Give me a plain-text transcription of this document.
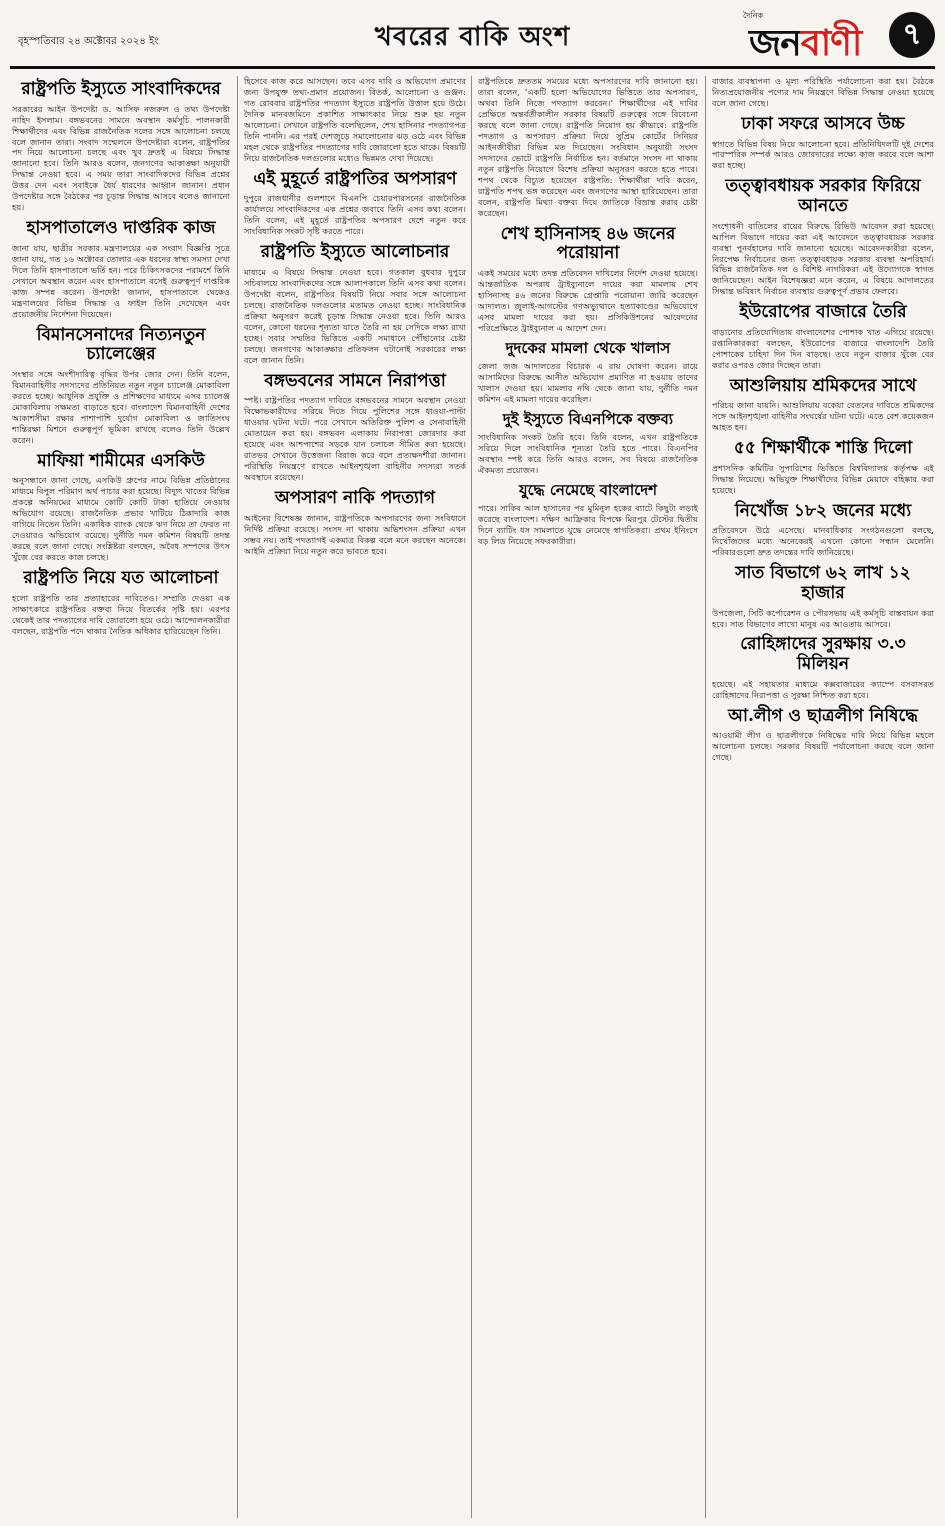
বৃহস্পতিবার ২৪ অক্টোবর ২০২৪ ইং	খবরের বাকি অংশ
দৈনিক
জনবাণী	৭
রাষ্ট্রপতি ইস্যুতে সাংবাদিকদের
সরকারের আইন উপদেষ্টা ড. আসিফ নজরুল ও তথ্য উপদেষ্টা নাহিদ ইসলাম। বঙ্গভবনের সামনে অবস্থান কর্মসূচি পালনকারী শিক্ষার্থীদের এবং বিভিন্ন রাজনৈতিক দলের সঙ্গে আলোচনা চলছে বলে জানান তারা। সংবাদ সম্মেলনে উপদেষ্টারা বলেন, রাষ্ট্রপতির পদ নিয়ে আলোচনা চলছে এবং খুব দ্রুতই এ বিষয়ে সিদ্ধান্ত জানানো হবে। তিনি আরও বলেন, জনগণের আকাঙ্ক্ষা অনুযায়ী সিদ্ধান্ত নেওয়া হবে। এ সময় তারা সাংবাদিকদের বিভিন্ন প্রশ্নের উত্তর দেন এবং সবাইকে ধৈর্য ধারণের আহ্বান জানান। প্রধান উপদেষ্টার সঙ্গে বৈঠকের পর চূড়ান্ত সিদ্ধান্ত আসবে বলেও জানানো হয়।
হাসপাতালেও দাপ্তরিক কাজ
জানা যায়, ছাত্রীর সরকার মন্ত্রণালয়ের এক সংবাদ বিজ্ঞপ্তি সূত্রে জানা যায়, গত ১৬ অক্টোবর তোলার এক ধরনের স্বাস্থ্য সমস্যা দেখা দিলে তিনি হাসপাতালে ভর্তি হন। পরে চিকিৎসকদের পরামর্শে তিনি সেখানে অবস্থান করেন এবং হাসপাতালে বসেই গুরুত্বপূর্ণ দাপ্তরিক কাজ সম্পন্ন করেন। উপদেষ্টা জানান, হাসপাতালে থেকেও মন্ত্রণালয়ের বিভিন্ন সিদ্ধান্ত ও ফাইল তিনি দেখেছেন এবং প্রয়োজনীয় নির্দেশনা দিয়েছেন।
বিমানসেনাদের নিত্যনতুন চ্যালেঞ্জের
সংস্থার সঙ্গে অংশীদারিত্ব বৃদ্ধির উপর জোর দেন। তিনি বলেন, বিমানবাহিনীর সদস্যদের প্রতিনিয়ত নতুন নতুন চ্যালেঞ্জ মোকাবিলা করতে হচ্ছে। আধুনিক প্রযুক্তি ও প্রশিক্ষণের মাধ্যমে এসব চ্যালেঞ্জ মোকাবিলায় সক্ষমতা বাড়াতে হবে। বাংলাদেশ বিমানবাহিনী দেশের আকাশসীমা রক্ষার পাশাপাশি দুর্যোগ মোকাবিলা ও জাতিসংঘ শান্তিরক্ষা মিশনে গুরুত্বপূর্ণ ভূমিকা রাখছে বলেও তিনি উল্লেখ করেন।
মাফিয়া শামীমের এসকিউ
অনুসন্ধানে জানা গেছে, এসকিউ গ্রুপের নামে বিভিন্ন প্রতিষ্ঠানের মাধ্যমে বিপুল পরিমাণ অর্থ পাচার করা হয়েছে। বিদ্যুৎ খাতের বিভিন্ন প্রকল্পে অনিয়মের মাধ্যমে কোটি কোটি টাকা হাতিয়ে নেওয়ার অভিযোগ রয়েছে। রাজনৈতিক প্রভাব খাটিয়ে ঠিকাদারি কাজ বাগিয়ে নিতেন তিনি। একাধিক ব্যাংক থেকে ঋণ নিয়ে তা ফেরত না দেওয়ারও অভিযোগ রয়েছে। দুর্নীতি দমন কমিশন বিষয়টি তদন্ত করছে বলে জানা গেছে। সংশ্লিষ্টরা বলছেন, অবৈধ সম্পদের উৎস খুঁজে বের করতে কাজ চলছে।
রাষ্ট্রপতি নিয়ে যত আলোচনা
হলো রাষ্ট্রপতি তার প্রত্যাহারের দাবিতেও। সম্প্রতি দেওয়া এক সাক্ষাৎকারে রাষ্ট্রপতির বক্তব্য নিয়ে বিতর্কের সৃষ্টি হয়। এরপর থেকেই তার পদত্যাগের দাবি জোরালো হয়ে ওঠে। আন্দোলনকারীরা বলছেন, রাষ্ট্রপতি পদে থাকার নৈতিক অধিকার হারিয়েছেন তিনি।
হিসেবে কাজ করে আসছেন। তবে এসব দাবি ও অভিযোগ প্রমাণের জন্য উপযুক্ত তথ্য-প্রমাণ প্রয়োজন। বিতর্ক, আলোচনা ও গুঞ্জন: গত রোববার রাষ্ট্রপতির পদত্যাগ ইস্যুতে রাষ্ট্রপতি উত্তাল হয়ে উঠে। দৈনিক মানবজমিনে প্রকাশিত সাক্ষাৎকার নিয়ে শুরু হয় নতুন আলোচনা। সেখানে রাষ্ট্রপতি বলেছিলেন, শেখ হাসিনার পদত্যাগপত্র তিনি পাননি। এর পরই দেশজুড়ে সমালোচনার ঝড় ওঠে এবং বিভিন্ন মহল থেকে রাষ্ট্রপতির পদত্যাগের দাবি জোরালো হতে থাকে। বিষয়টি নিয়ে রাজনৈতিক দলগুলোর মধ্যেও ভিন্নমত দেখা দিয়েছে।
এই মুহূর্তে রাষ্ট্রপতির অপসারণ
দুপুরে রাজধানীর গুলশানে বিএনপি চেয়ারপারসনের রাজনৈতিক কার্যালয়ে সাংবাদিকদের এক প্রশ্নের জবাবে তিনি এসব কথা বলেন। তিনি বলেন, এই মুহূর্তে রাষ্ট্রপতির অপসারণ দেশে নতুন করে সাংবিধানিক সংকট সৃষ্টি করতে পারে।
রাষ্ট্রপতি ইস্যুতে আলোচনার
মাধ্যমে এ বিষয়ে সিদ্ধান্ত নেওয়া হবে। গতকাল বুধবার দুপুরে সচিবালয়ে সাংবাদিকদের সঙ্গে আলাপকালে তিনি এসব কথা বলেন। উপদেষ্টা বলেন, রাষ্ট্রপতির বিষয়টি নিয়ে সবার সঙ্গে আলোচনা চলছে। রাজনৈতিক দলগুলোর মতামত নেওয়া হচ্ছে। সাংবিধানিক প্রক্রিয়া অনুসরণ করেই চূড়ান্ত সিদ্ধান্ত নেওয়া হবে। তিনি আরও বলেন, কোনো ধরনের শূন্যতা যাতে তৈরি না হয় সেদিকে লক্ষ্য রাখা হচ্ছে। সবার সম্মতির ভিত্তিতে একটি সমাধানে পৌঁছানোর চেষ্টা চলছে। জনগণের আকাঙ্ক্ষার প্রতিফলন ঘটানোই সরকারের লক্ষ্য বলে জানান তিনি।
বঙ্গভবনের সামনে নিরাপত্তা
স্পষ্ট। রাষ্ট্রপতির পদত্যাগ দাবিতে বঙ্গভবনের সামনে অবস্থান নেওয়া বিক্ষোভকারীদের সরিয়ে দিতে গিয়ে পুলিশের সঙ্গে ধাওয়া-পাল্টা ধাওয়ার ঘটনা ঘটে। পরে সেখানে অতিরিক্ত পুলিশ ও সেনাবাহিনী মোতায়েন করা হয়। বঙ্গভবন এলাকায় নিরাপত্তা জোরদার করা হয়েছে এবং আশপাশের সড়কে যান চলাচল সীমিত করা হয়েছে। রাতভর সেখানে উত্তেজনা বিরাজ করে বলে প্রত্যক্ষদর্শীরা জানান। পরিস্থিতি নিয়ন্ত্রণে রাখতে আইনশৃঙ্খলা বাহিনীর সদস্যরা সতর্ক অবস্থানে রয়েছেন।
অপসারণ নাকি পদত্যাগ
আইনের বিশেষজ্ঞ জানান, রাষ্ট্রপতিকে অপসারণের জন্য সংবিধানে নির্দিষ্ট প্রক্রিয়া রয়েছে। সংসদ না থাকায় অভিশংসন প্রক্রিয়া এখন সম্ভব নয়। তাই পদত্যাগই একমাত্র বিকল্প বলে মনে করছেন অনেকে। আইনি প্রক্রিয়া নিয়ে নতুন করে ভাবতে হবে।
রাষ্ট্রপতিকে দ্রুততম সময়ের মধ্যে অপসারণের দাবি জানানো হয়। তারা বলেন, ‘একটি হলো অভিযোগের ভিত্তিতে তার অপসারণ, অথবা তিনি নিজে পদত্যাগ করবেন।’ শিক্ষার্থীদের এই দাবির প্রেক্ষিতে অন্তর্বর্তীকালীন সরকার বিষয়টি গুরুত্বের সঙ্গে বিবেচনা করছে বলে জানা গেছে। রাষ্ট্রপতি নিয়োগ হয় কীভাবে: রাষ্ট্রপতি পদত্যাগ ও অপসারণ প্রক্রিয়া নিয়ে সুপ্রিম কোর্টের সিনিয়র আইনজীবীরা বিভিন্ন মত দিয়েছেন। সংবিধান অনুযায়ী সংসদ সদস্যদের ভোটে রাষ্ট্রপতি নির্বাচিত হন। বর্তমানে সংসদ না থাকায় নতুন রাষ্ট্রপতি নিয়োগে বিশেষ প্রক্রিয়া অনুসরণ করতে হতে পারে। শপথ থেকে বিচ্যুত হয়েছেন রাষ্ট্রপতি: শিক্ষার্থীরা দাবি করেন, রাষ্ট্রপতি শপথ ভঙ্গ করেছেন এবং জনগণের আস্থা হারিয়েছেন। তারা বলেন, রাষ্ট্রপতি মিথ্যা বক্তব্য দিয়ে জাতিকে বিভ্রান্ত করার চেষ্টা করেছেন।
শেখ হাসিনাসহ ৪৬ জনের পরোয়ানা
একই সময়ের মধ্যে তদন্ত প্রতিবেদন দাখিলের নির্দেশ দেওয়া হয়েছে। আন্তর্জাতিক অপরাধ ট্রাইব্যুনালে দায়ের করা মামলায় শেখ হাসিনাসহ ৪৬ জনের বিরুদ্ধে গ্রেপ্তারি পরোয়ানা জারি করেছেন আদালত। জুলাই-আগস্টের গণঅভ্যুত্থানে হত্যাকাণ্ডের অভিযোগে এসব মামলা দায়ের করা হয়। প্রসিকিউশনের আবেদনের পরিপ্রেক্ষিতে ট্রাইব্যুনাল এ আদেশ দেন।
দুদকের মামলা থেকে খালাস
জেলা জজ আদালতের বিচারক এ রায় ঘোষণা করেন। রায়ে আসামিদের বিরুদ্ধে আনীত অভিযোগ প্রমাণিত না হওয়ায় তাদের খালাস দেওয়া হয়। মামলার নথি থেকে জানা যায়, দুর্নীতি দমন কমিশন এই মামলা দায়ের করেছিল।
দুই ইস্যুতে বিএনপিকে বক্তব্য
সাংবিধানিক সংকট তৈরি হবে। তিনি বলেন, এখন রাষ্ট্রপতিকে সরিয়ে দিলে সাংবিধানিক শূন্যতা তৈরি হতে পারে। বিএনপির অবস্থান স্পষ্ট করে তিনি আরও বলেন, সব বিষয়ে রাজনৈতিক ঐকমত্য প্রয়োজন।
যুদ্ধে নেমেছে বাংলাদেশ
পারে। সাকিব আল হাসানের পর মুমিনুল হকের ব্যাটে কিছুটা লড়াই করেছে বাংলাদেশ। দক্ষিণ আফ্রিকার বিপক্ষে মিরপুর টেস্টের দ্বিতীয় দিনে ব্যাটিং ধস সামলাতে যুদ্ধে নেমেছে স্বাগতিকরা। প্রথম ইনিংসে বড় লিড নিয়েছে সফরকারীরা।
বাজার ব্যবস্থাপনা ও মূল্য পরিস্থিতি পর্যালোচনা করা হয়। বৈঠকে নিত্যপ্রয়োজনীয় পণ্যের দাম নিয়ন্ত্রণে বিভিন্ন সিদ্ধান্ত নেওয়া হয়েছে বলে জানা গেছে।
ঢাকা সফরে আসবে উচ্চ
স্বাগতে বিভিন্ন বিষয় নিয়ে আলোচনা হবে। প্রতিনিধিদলটি দুই দেশের পারস্পরিক সম্পর্ক আরও জোরদারের লক্ষ্যে কাজ করবে বলে আশা করা হচ্ছে।
তত্ত্বাবধায়ক সরকার ফিরিয়ে আনতে
সংশোধনী বাতিলের রায়ের বিরুদ্ধে রিভিউ আবেদন করা হয়েছে। আপিল বিভাগে দায়ের করা এই আবেদনে তত্ত্বাবধায়ক সরকার ব্যবস্থা পুনর্বহালের দাবি জানানো হয়েছে। আবেদনকারীরা বলেন, নিরপেক্ষ নির্বাচনের জন্য তত্ত্বাবধায়ক সরকার ব্যবস্থা অপরিহার্য। বিভিন্ন রাজনৈতিক দল ও বিশিষ্ট নাগরিকরা এই উদ্যোগকে স্বাগত জানিয়েছেন। আইন বিশেষজ্ঞরা মনে করেন, এ বিষয়ে আদালতের সিদ্ধান্ত ভবিষ্যৎ নির্বাচন ব্যবস্থায় গুরুত্বপূর্ণ প্রভাব ফেলবে।
ইউরোপের বাজারে তৈরি
বাড়ানোর প্রতিযোগিতায় বাংলাদেশের পোশাক খাত এগিয়ে রয়েছে। রপ্তানিকারকরা বলছেন, ইউরোপের বাজারে বাংলাদেশি তৈরি পোশাকের চাহিদা দিন দিন বাড়ছে। তবে নতুন বাজার খুঁজে বের করার ওপরও জোর দিচ্ছেন তারা।
আশুলিয়ায় শ্রমিকদের সাথে
পরিচয় জানা যায়নি। আশুলিয়ায় বকেয়া বেতনের দাবিতে শ্রমিকদের সঙ্গে আইনশৃঙ্খলা বাহিনীর সংঘর্ষের ঘটনা ঘটে। এতে বেশ কয়েকজন আহত হন।
৫৫ শিক্ষার্থীকে শাস্তি দিলো
প্রশাসনিক কমিটির সুপারিশের ভিত্তিতে বিশ্ববিদ্যালয় কর্তৃপক্ষ এই সিদ্ধান্ত নিয়েছে। অভিযুক্ত শিক্ষার্থীদের বিভিন্ন মেয়াদে বহিষ্কার করা হয়েছে।
নিখোঁজ ১৮২ জনের মধ্যে
প্রতিবেদনে উঠে এসেছে। মানবাধিকার সংগঠনগুলো বলছে, নিখোঁজদের মধ্যে অনেকেরই এখনো কোনো সন্ধান মেলেনি। পরিবারগুলো দ্রুত তদন্তের দাবি জানিয়েছে।
সাত বিভাগে ৬২ লাখ ১২ হাজার
উপজেলা, সিটি কর্পোরেশন ও পৌরসভায় এই কর্মসূচি বাস্তবায়ন করা হবে। সাত বিভাগের লাখো মানুষ এর আওতায় আসবে।
রোহিঙ্গাদের সুরক্ষায় ৩.৩ মিলিয়ন
হয়েছে। এই সহায়তার মাধ্যমে কক্সবাজারের ক্যাম্পে বসবাসরত রোহিঙ্গাদের নিরাপত্তা ও সুরক্ষা নিশ্চিত করা হবে।
আ.লীগ ও ছাত্রলীগ নিষিদ্ধে
আওয়ামী লীগ ও ছাত্রলীগকে নিষিদ্ধের দাবি নিয়ে বিভিন্ন মহলে আলোচনা চলছে। সরকার বিষয়টি পর্যালোচনা করছে বলে জানা গেছে।
